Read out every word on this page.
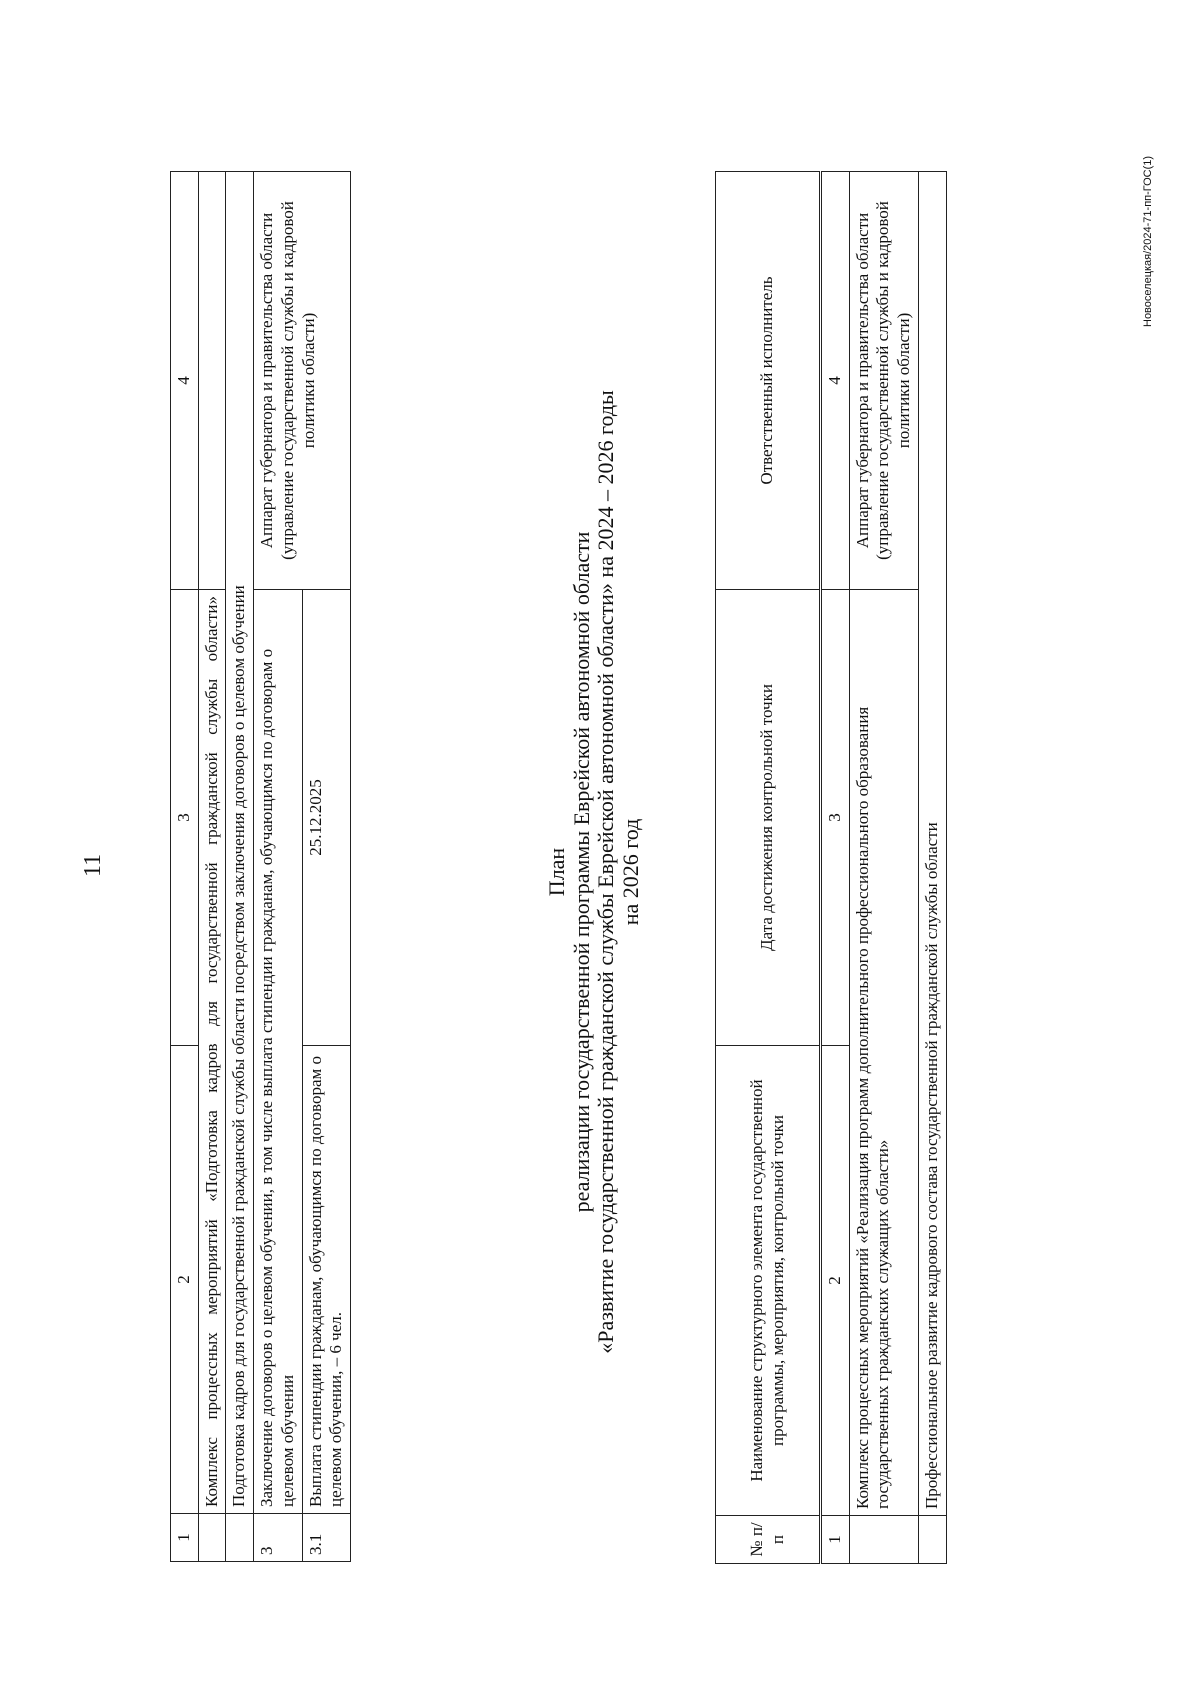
11
1	2	3	4
	Комплекс процессных мероприятий «Подготовка кадров для государственной гражданской службы области»		
	Подготовка кадров для государственной гражданской службы области посредством заключения договоров о целевом обучении		
3	Заключение договоров о целевом обучении, в том числе выплата стипендии гражданам, обучающимся по договорам о целевом обучении		Аппарат губернатора и правительства области (управление государственной службы и кадровой политики области)
3.1	Выплата стипендии гражданам, обучающимся по договорам о целевом обучении, – 6 чел.	25.12.2025	
План реализации государственной программы Еврейской автономной области «Развитие государственной гражданской службы Еврейской автономной области» на 2024 – 2026 годы на 2026 год
№ п/п	Наименование структурного элемента государственной программы, мероприятия, контрольной точки	Дата достижения контрольной точки	Ответственный исполнитель
1	2	3	4
	Комплекс процессных мероприятий «Реализация программ дополнительного профессионального образования государственных гражданских служащих области»		Аппарат губернатора и правительства области (управление государственной службы и кадровой политики области)
	Профессиональное развитие кадрового состава государственной гражданской службы области		
Новоселецкая/2024-71-пп-ГОС(1)
